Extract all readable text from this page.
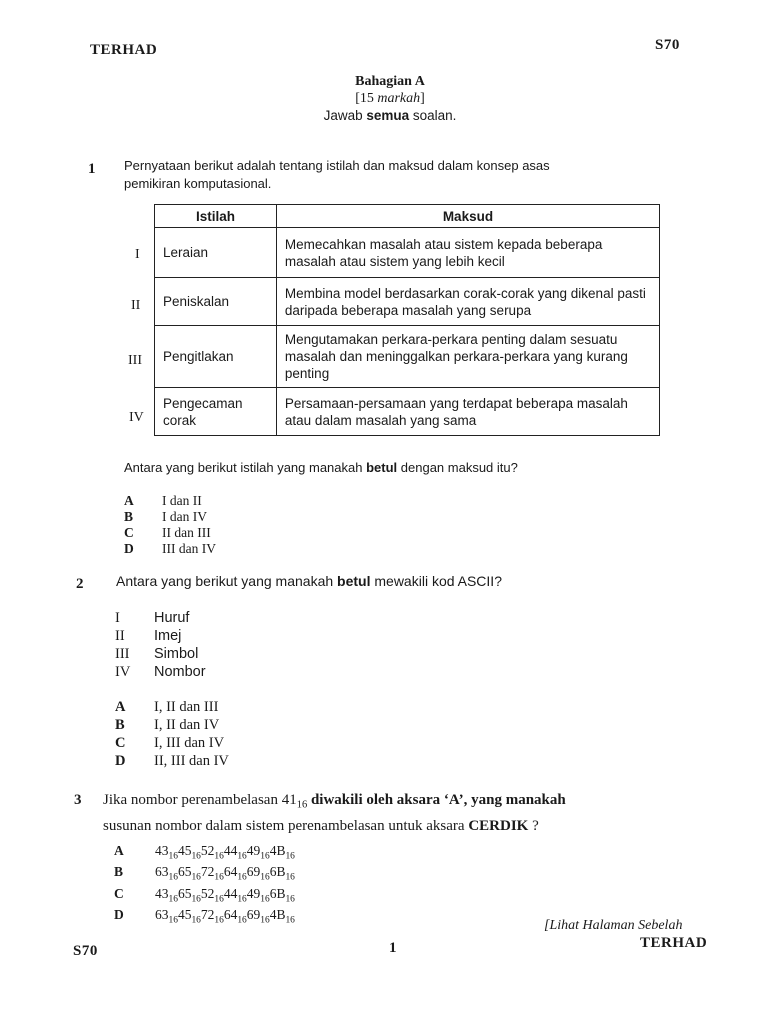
TERHAD	S70
Bahagian A
[15 markah]
Jawab semua soalan.
1 Pernyataan berikut adalah tentang istilah dan maksud dalam konsep asas
pemikiran komputasional.
I
II
III
IV
Istilah	Maksud
Leraian	Memecahkan masalah atau sistem kepada beberapa masalah atau sistem yang lebih kecil
Peniskalan	Membina model berdasarkan corak-corak yang dikenal pasti daripada beberapa masalah yang serupa
Pengitlakan	Mengutamakan perkara-perkara penting dalam sesuatu masalah dan meninggalkan perkara-perkara yang kurang penting
Pengecaman corak	Persamaan-persamaan yang terdapat beberapa masalah atau dalam masalah yang sama
Antara yang berikut istilah yang manakah betul dengan maksud itu?
A I dan II
B I dan IV
C II dan III
D III dan IV
2 Antara yang berikut yang manakah betul mewakili kod ASCII?
I Huruf
II Imej
III Simbol
IV Nombor
A I, II dan III
B I, II dan IV
C I, III dan IV
D II, III dan IV
3 Jika nombor perenambelasan $41_{16}$ diwakili oleh aksara ‘A’, yang manakah
susunan nombor dalam sistem perenambelasan untuk aksara CERDIK ?
A $43_{16}45_{16}52_{16}44_{16}49_{16}4B_{16}$
B $63_{16}65_{16}72_{16}64_{16}69_{16}6B_{16}$
C $43_{16}65_{16}52_{16}44_{16}49_{16}6B_{16}$
D $63_{16}45_{16}72_{16}64_{16}69_{16}4B_{16}$	[Lihat Halaman Sebelah
S70	1	TERHAD
